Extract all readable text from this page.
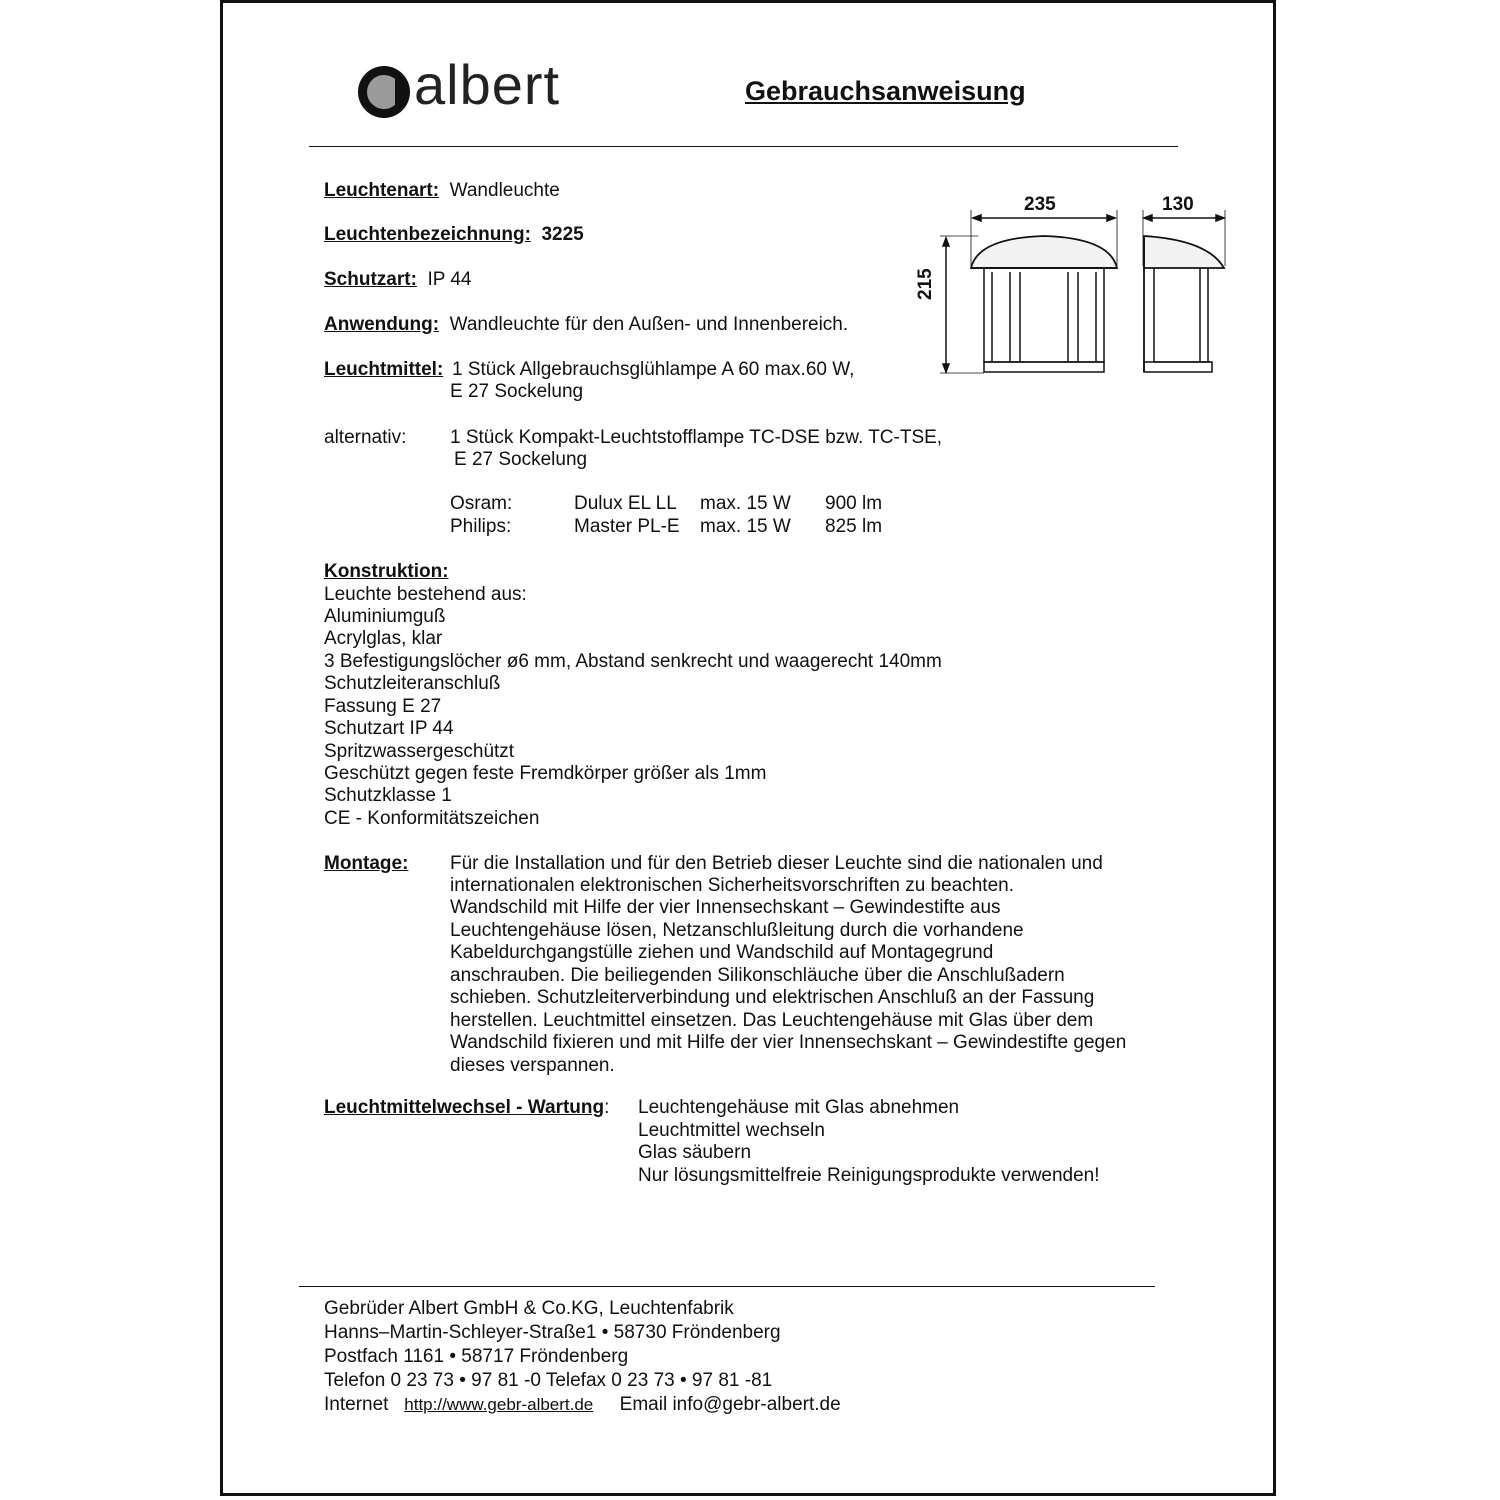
albert	Gebrauchsanweisung
Leuchtenart: Wandleuchte
Leuchtenbezeichnung: 3225
Schutzart: IP 44
Anwendung: Wandleuchte für den Außen- und Innenbereich.
Leuchtmittel: 1 Stück Allgebrauchsglühlampe A 60 max.60 W,
E 27 Sockelung
alternativ: 1 Stück Kompakt-Leuchtstofflampe TC-DSE bzw. TC-TSE,
E 27 Sockelung
Osram:	Dulux EL LL max. 15 W 900 lm
Philips:	Master PL-E max. 15 W 825 lm
235	130
215
Konstruktion:
Leuchte bestehend aus:
Aluminiumguß
Acrylglas, klar
3 Befestigungslöcher ø6 mm, Abstand senkrecht und waagerecht 140mm
Schutzleiteranschluß
Fassung E 27
Schutzart IP 44
Spritzwassergeschützt
Geschützt gegen feste Fremdkörper größer als 1mm
Schutzklasse 1
CE - Konformitätszeichen
Montage: Für die Installation und für den Betrieb dieser Leuchte sind die nationalen und
internationalen elektronischen Sicherheitsvorschriften zu beachten.
Wandschild mit Hilfe der vier Innensechskant – Gewindestifte aus
Leuchtengehäuse lösen, Netzanschlußleitung durch die vorhandene
Kabeldurchgangstülle ziehen und Wandschild auf Montagegrund
anschrauben. Die beiliegenden Silikonschläuche über die Anschlußadern
schieben. Schutzleiterverbindung und elektrischen Anschluß an der Fassung
herstellen. Leuchtmittel einsetzen. Das Leuchtengehäuse mit Glas über dem
Wandschild fixieren und mit Hilfe der vier Innensechskant – Gewindestifte gegen
dieses verspannen.
Leuchtmittelwechsel - Wartung: Leuchtengehäuse mit Glas abnehmen
Leuchtmittel wechseln
Glas säubern
Nur lösungsmittelfreie Reinigungsprodukte verwenden!
Gebrüder Albert GmbH & Co.KG, Leuchtenfabrik
Hanns–Martin-Schleyer-Straße1 • 58730 Fröndenberg
Postfach 1161 • 58717 Fröndenberg
Telefon 0 23 73 • 97 81 -0 Telefax 0 23 73 • 97 81 -81
Internet http://www.gebr-albert.de Email info@gebr-albert.de
